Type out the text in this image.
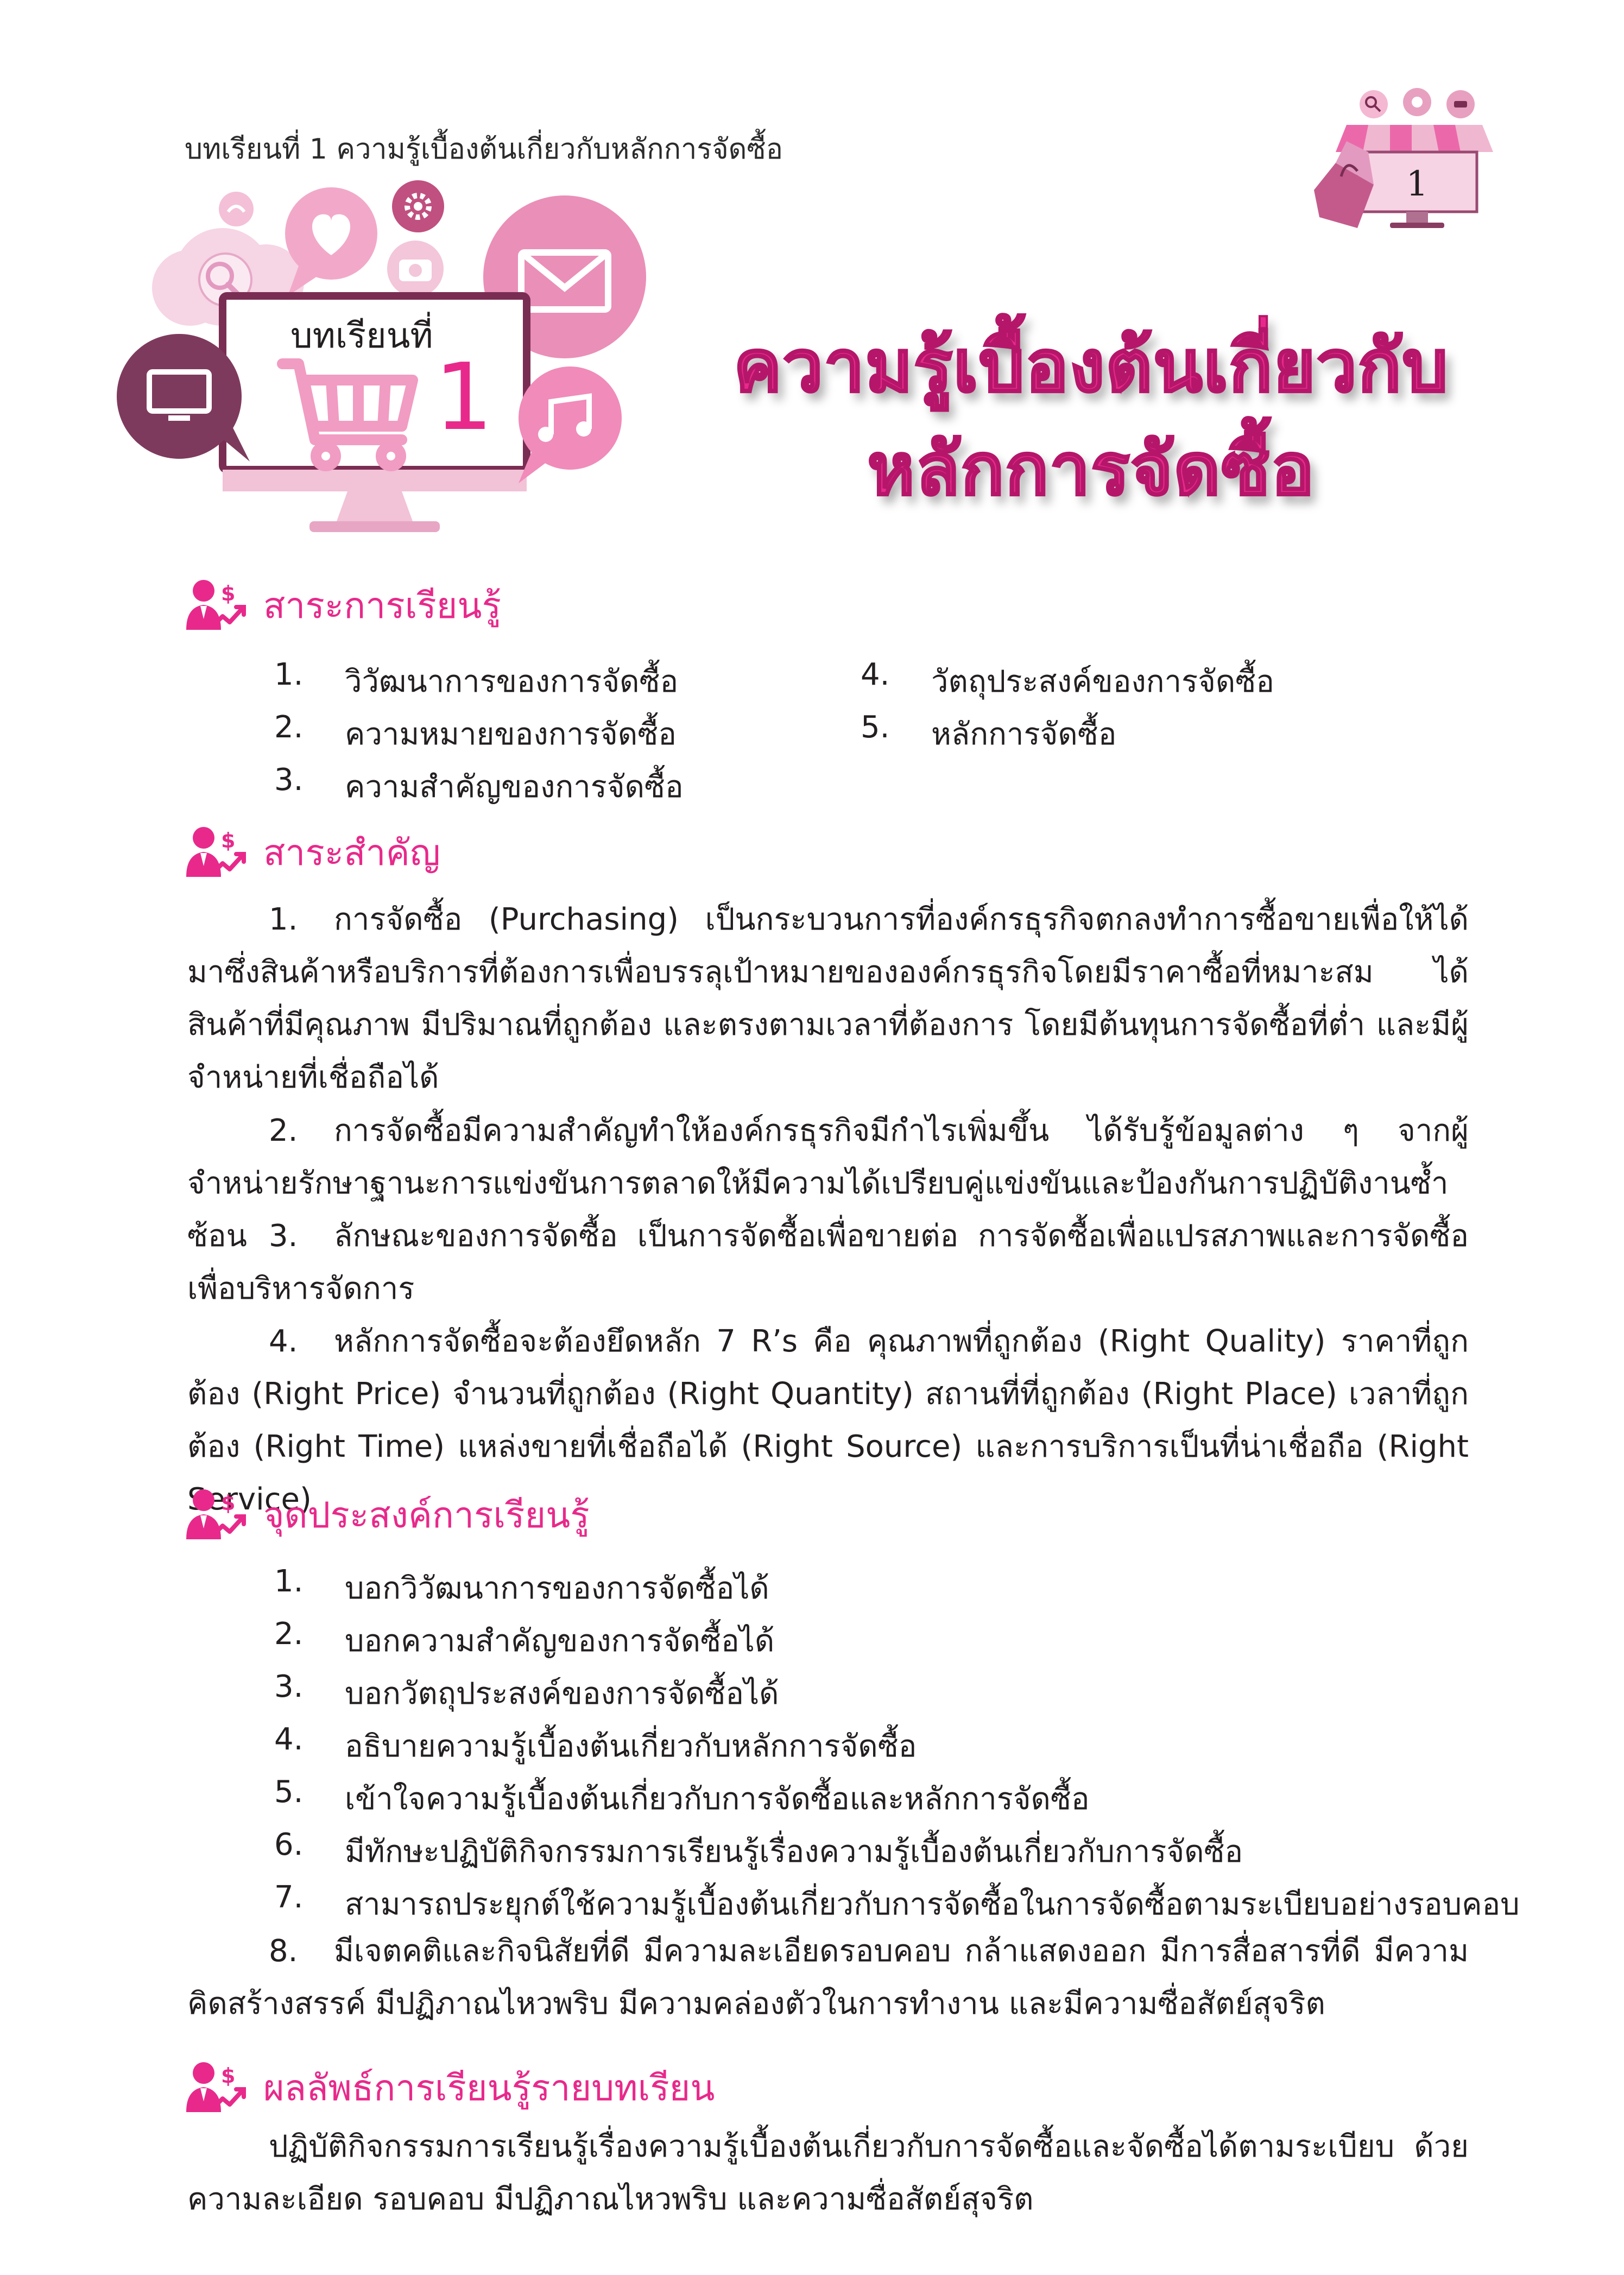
บทเรียนที่ 1 ความรู้เบื้องต้นเกี่ยวกับหลักการจัดซื้อ
1
บทเรียนที่
1	ความรู้เบื้องต้นเกี่ยวกับ
หลักการจัดซื้อ
สาระการเรียนรู้
1.	วิวัฒนาการของการจัดซื้อ
2.	ความหมายของการจัดซื้อ
3.	ความสำคัญของการจัดซื้อ
4.	วัตถุประสงค์ของการจัดซื้อ
5.	หลักการจัดซื้อ
สาระสำคัญ
1. การจัดซื้อ (Purchasing) เป็นกระบวนการที่องค์กรธุรกิจตกลงทำการซื้อขายเพื่อให้ได้มาซึ่งสินค้าหรือบริการที่ต้องการเพื่อบรรลุเป้าหมายขององค์กรธุรกิจโดยมีราคาซื้อที่หมาะสม ได้สินค้าที่มีคุณภาพ มีปริมาณที่ถูกต้อง และตรงตามเวลาที่ต้องการ โดยมีต้นทุนการจัดซื้อที่ต่ำ และมีผู้จำหน่ายที่เชื่อถือได้
2. การจัดซื้อมีความสำคัญทำให้องค์กรธุรกิจมีกำไรเพิ่มขึ้น ได้รับรู้ข้อมูลต่าง ๆ จากผู้จำหน่ายรักษาฐานะการแข่งขันการตลาดให้มีความได้เปรียบคู่แข่งขันและป้องกันการปฏิบัติงานซ้ำซ้อน 3. ลักษณะของการจัดซื้อ เป็นการจัดซื้อเพื่อขายต่อ การจัดซื้อเพื่อแปรสภาพและการจัดซื้อเพื่อบริหารจัดการ
4. หลักการจัดซื้อจะต้องยึดหลัก 7 R’s คือ คุณภาพที่ถูกต้อง (Right Quality) ราคาที่ถูกต้อง (Right Price) จำนวนที่ถูกต้อง (Right Quantity) สถานที่ที่ถูกต้อง (Right Place) เวลาที่ถูกต้อง (Right Time) แหล่งขายที่เชื่อถือได้ (Right Source) และการบริการเป็นที่น่าเชื่อถือ (Right Service)
จุดประสงค์การเรียนรู้
1.	บอกวิวัฒนาการของการจัดซื้อได้
2.	บอกความสำคัญของการจัดซื้อได้
3.	บอกวัตถุประสงค์ของการจัดซื้อได้
4.	อธิบายความรู้เบื้องต้นเกี่ยวกับหลักการจัดซื้อ
5.	เข้าใจความรู้เบื้องต้นเกี่ยวกับการจัดซื้อและหลักการจัดซื้อ
6.	มีทักษะปฏิบัติกิจกรรมการเรียนรู้เรื่องความรู้เบื้องต้นเกี่ยวกับการจัดซื้อ
7.	สามารถประยุกต์ใช้ความรู้เบื้องต้นเกี่ยวกับการจัดซื้อในการจัดซื้อตามระเบียบอย่างรอบคอบ
8. มีเจตคติและกิจนิสัยที่ดี มีความละเอียดรอบคอบ กล้าแสดงออก มีการสื่อสารที่ดี มีความคิดสร้างสรรค์ มีปฏิภาณไหวพริบ มีความคล่องตัวในการทำงาน และมีความซื่อสัตย์สุจริต
ผลลัพธ์การเรียนรู้รายบทเรียน
ปฏิบัติกิจกรรมการเรียนรู้เรื่องความรู้เบื้องต้นเกี่ยวกับการจัดซื้อและจัดซื้อได้ตามระเบียบ ด้วยความละเอียด รอบคอบ มีปฏิภาณไหวพริบ และความซื่อสัตย์สุจริต
